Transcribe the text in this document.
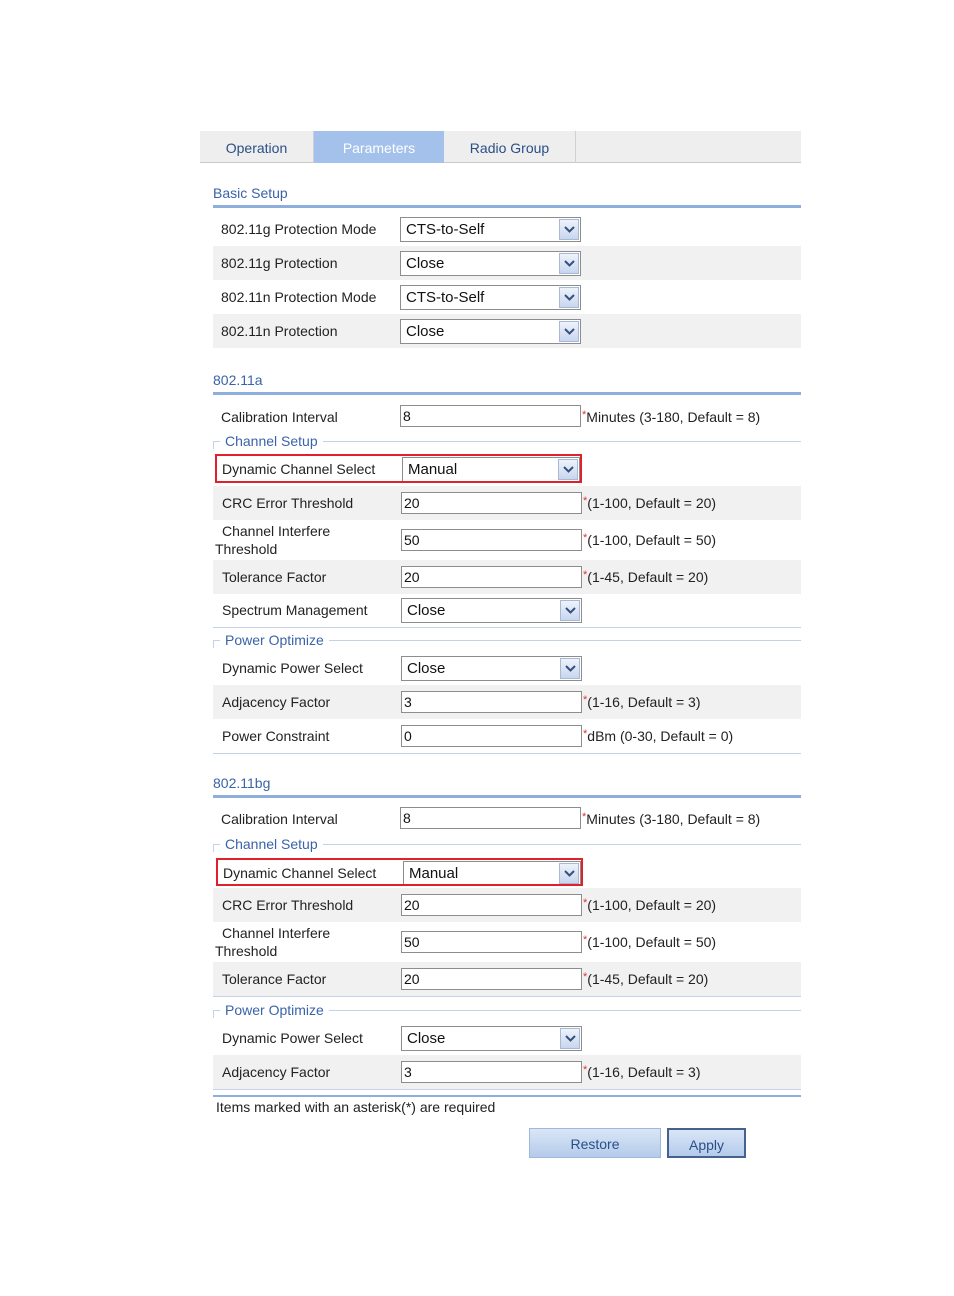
Operation	Parameters	Radio Group
Basic Setup
802.11g Protection Mode CTS-to-Self
802.11g Protection	Close
802.11n Protection Mode CTS-to-Self
802.11n Protection	Close
802.11a
Calibration Interval	8	*Minutes (3-180, Default = 8)
Channel Setup
Dynamic Channel Select Manual
CRC Error Threshold	20	*(1-100, Default = 20)
Channel Interfere
Threshold
50	*(1-100, Default = 50)
Tolerance Factor	20	*(1-45, Default = 20)
Spectrum Management	Close
Power Optimize
Dynamic Power Select	Close
Adjacency Factor	3	*(1-16, Default = 3)
Power Constraint	0	*dBm (0-30, Default = 0)
802.11bg
Calibration Interval	8	*Minutes (3-180, Default = 8)
Channel Setup
Dynamic Channel Select Manual
CRC Error Threshold	20	*(1-100, Default = 20)
Channel Interfere
Threshold
50	*(1-100, Default = 50)
Tolerance Factor	20	*(1-45, Default = 20)
Power Optimize
Dynamic Power Select	Close
Adjacency Factor	3	*(1-16, Default = 3)
Items marked with an asterisk(*) are required
Restore	Apply
